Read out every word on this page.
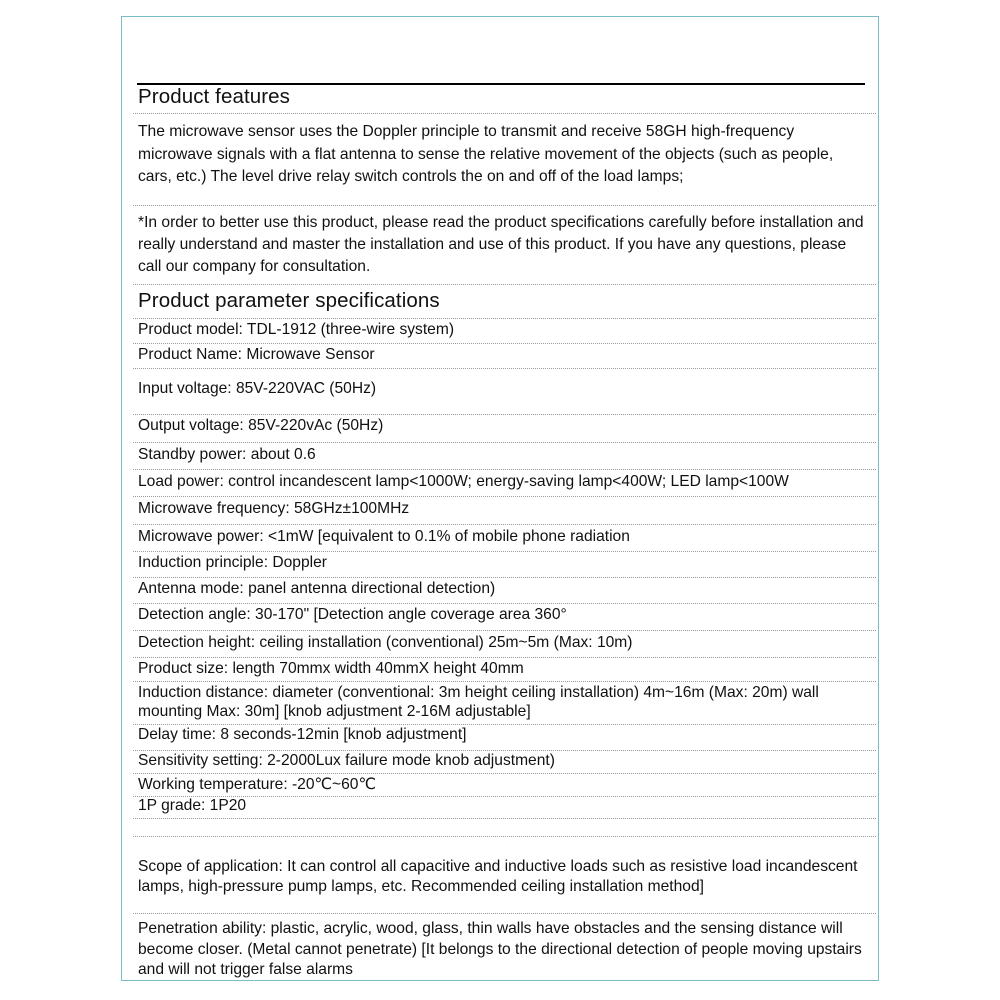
Product features
The microwave sensor uses the Doppler principle to transmit and receive 58GH high-frequency microwave signals with a flat antenna to sense the relative movement of the objects (such as people, cars, etc.) The level drive relay switch controls the on and off of the load lamps;
*In order to better use this product, please read the product specifications carefully before installation and really understand and master the installation and use of this product. If you have any questions, please call our company for consultation.
Product parameter specifications
Product model: TDL-1912 (three-wire system)
Product Name: Microwave Sensor
Input voltage: 85V-220VAC (50Hz)
Output voltage: 85V-220vAc (50Hz)
Standby power: about 0.6
Load power: control incandescent lamp<1000W; energy-saving lamp<400W; LED lamp<100W
Microwave frequency: 58GHz±100MHz
Microwave power: <1mW [equivalent to 0.1% of mobile phone radiation
Induction principle: Doppler
Antenna mode: panel antenna directional detection)
Detection angle: 30-170" [Detection angle coverage area 360°
Detection height: ceiling installation (conventional) 25m~5m (Max: 10m)
Product size: length 70mmx width 40mmX height 40mm
Induction distance: diameter (conventional: 3m height ceiling installation) 4m~16m (Max: 20m) wall mounting Max: 30m] [knob adjustment 2-16M adjustable]
Delay time: 8 seconds-12min [knob adjustment]
Sensitivity setting: 2-2000Lux failure mode knob adjustment)
Working temperature: -20℃~60℃
1P grade: 1P20
Scope of application: It can control all capacitive and inductive loads such as resistive load incandescent lamps, high-pressure pump lamps, etc. Recommended ceiling installation method]
Penetration ability: plastic, acrylic, wood, glass, thin walls have obstacles and the sensing distance will become closer. (Metal cannot penetrate) [It belongs to the directional detection of people moving upstairs and will not trigger false alarms
